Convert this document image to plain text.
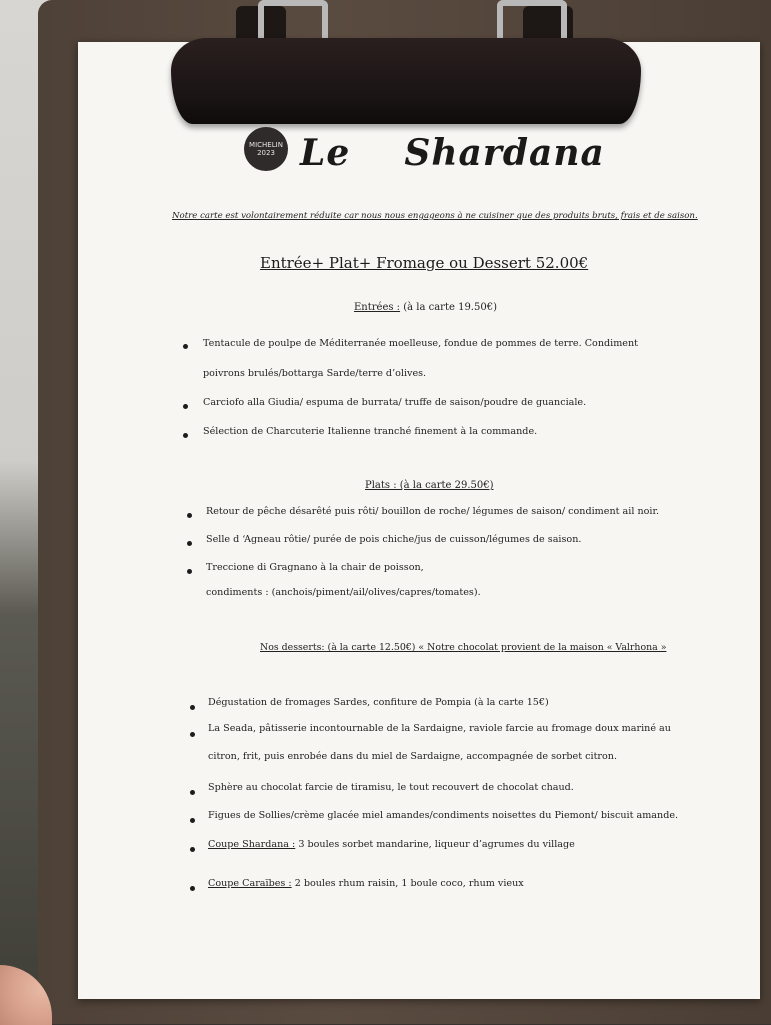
MICHELIN
2023 Le    Shardana
Notre carte est volontairement réduite car nous nous engageons à ne cuisiner que des produits bruts, frais et de saison.
Entrée+ Plat+ Fromage ou Dessert 52.00€
Entrées : (à la carte 19.50€)
Tentacule de poulpe de Méditerranée moelleuse, fondue de pommes de terre. Condiment
poivrons brulés/bottarga Sarde/terre d’olives.
Carciofo alla Giudia/ espuma de burrata/ truffe de saison/poudre de guanciale.
Sélection de Charcuterie Italienne tranché finement à la commande.
Plats : (à la carte 29.50€)
Retour de pêche désarêté puis rôti/ bouillon de roche/ légumes de saison/ condiment ail noir.
Selle d ‘Agneau rôtie/ purée de pois chiche/jus de cuisson/légumes de saison.
Treccione di Gragnano à la chair de poisson,
condiments : (anchois/piment/ail/olives/capres/tomates).
Nos desserts: (à la carte 12.50€) « Notre chocolat provient de la maison « Valrhona »
Dégustation de fromages Sardes, confiture de Pompia (à la carte 15€)
La Seada, pâtisserie incontournable de la Sardaigne, raviole farcie au fromage doux mariné au
citron, frit, puis enrobée dans du miel de Sardaigne, accompagnée de sorbet citron.
Sphère au chocolat farcie de tiramisu, le tout recouvert de chocolat chaud.
Figues de Sollies/crème glacée miel amandes/condiments noisettes du Piemont/ biscuit amande.
Coupe Shardana : 3 boules sorbet mandarine, liqueur d’agrumes du village
Coupe Caraïbes : 2 boules rhum raisin, 1 boule coco, rhum vieux
